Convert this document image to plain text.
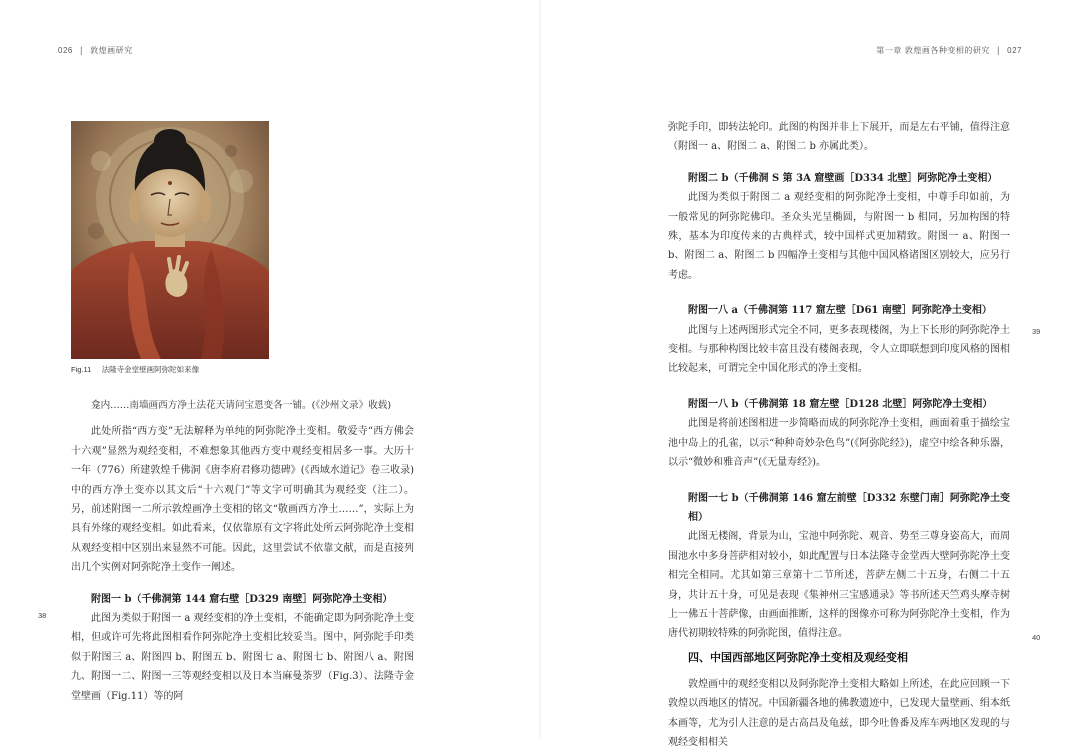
026 | 敦煌画研究	第一章 敦煌画各种变相的研究 | 027
Fig.11 法隆寺金堂壁画阿弥陀如来像

龛内……南墙画西方净土法花天请问宝恩变各一铺。(《沙州文录》收载)

此处所指“西方变”无法解释为单纯的阿弥陀净土变相。敬爱寺“西方佛会十六观”显然为观经变相，不难想象其他西方变中观经变相居多一事。大历十一年（776）所建敦煌千佛洞《唐李府君修功德碑》(《西域水道记》卷三收录)中的西方净土变亦以其文后“十六观门”等文字可明确其为观经变（注二）。另，前述附图一二所示敦煌画净土变相的铭文“敬画西方净土……”，实际上为具有外缘的观经变相。如此看来，仅依靠原有文字将此处所云阿弥陀净土变相从观经变相中区别出来显然不可能。因此，这里尝试不依靠文献，而是直接列出几个实例对阿弥陀净土变作一阐述。

附图一 b（千佛洞第 144 窟右壁［D329 南壁］阿弥陀净土变相）

此图为类似于附图一 a 观经变相的净土变相，不能确定即为阿弥陀净土变相，但或许可先将此图相看作阿弥陀净土变相比较妥当。图中，阿弥陀手印类似于附图三 a、附图四 b、附图五 b、附图七 a、附图七 b、附图八 a、附图九、附图一二、附图一三等观经变相以及日本当麻曼荼罗（Fig.3）、法隆寺金堂壁画（Fig.11）等的阿

38
39
40

弥陀手印，即转法轮印。此图的构图并非上下展开，而是左右平铺，值得注意（附图一 a、附图二 a、附图二 b 亦属此类）。

附图二 b（千佛洞 S 第 3A 窟壁画［D334 北壁］阿弥陀净土变相）

此图为类似于附图二 a 观经变相的阿弥陀净土变相，中尊手印如前，为一般常见的阿弥陀佛印。圣众头光呈椭圆，与附图一 b 相同，另加构图的特殊，基本为印度传来的古典样式，较中国样式更加精致。附图一 a、附图一 b、附图二 a、附图二 b 四幅净土变相与其他中国风格诸图区别较大，应另行考虑。

附图一八 a（千佛洞第 117 窟左壁［D61 南壁］阿弥陀净土变相）

此图与上述两图形式完全不同，更多表现楼阁，为上下长形的阿弥陀净土变相。与那种构图比较丰富且没有楼阁表现，令人立即联想到印度风格的图相比较起来，可谓完全中国化形式的净土变相。

附图一八 b（千佛洞第 18 窟左壁［D128 北壁］阿弥陀净土变相）

此图是将前述图相进一步简略而成的阿弥陀净土变相，画面着重于描绘宝池中岛上的孔雀，以示“种种奇妙杂色鸟”(《阿弥陀经》)，虚空中绘各种乐器，以示“微妙和雅音声”(《无量寿经》)。

附图一七 b（千佛洞第 146 窟左前壁［D332 东壁门南］阿弥陀净土变相）

此图无楼阁，背景为山，宝池中阿弥陀、观音、势至三尊身姿高大，而周围池水中多身菩萨相对较小，如此配置与日本法隆寺金堂西大壁阿弥陀净土变相完全相同。尤其如第三章第十二节所述，菩萨左侧二十五身，右侧二十五身，共计五十身，可见是表现《集神州三宝感通录》等书所述天竺鸡头摩寺树上一佛五十菩萨像，由画面推断，这样的图像亦可称为阿弥陀净土变相，作为唐代初期较特殊的阿弥陀图，值得注意。

四、中国西部地区阿弥陀净土变相及观经变相

敦煌画中的观经变相以及阿弥陀净土变相大略如上所述，在此应回顾一下敦煌以西地区的情况。中国新疆各地的佛教遗迹中，已发现大量壁画、绢本纸本画等，尤为引人注意的是古高昌及龟兹，即今吐鲁番及库车两地区发现的与观经变相相关
